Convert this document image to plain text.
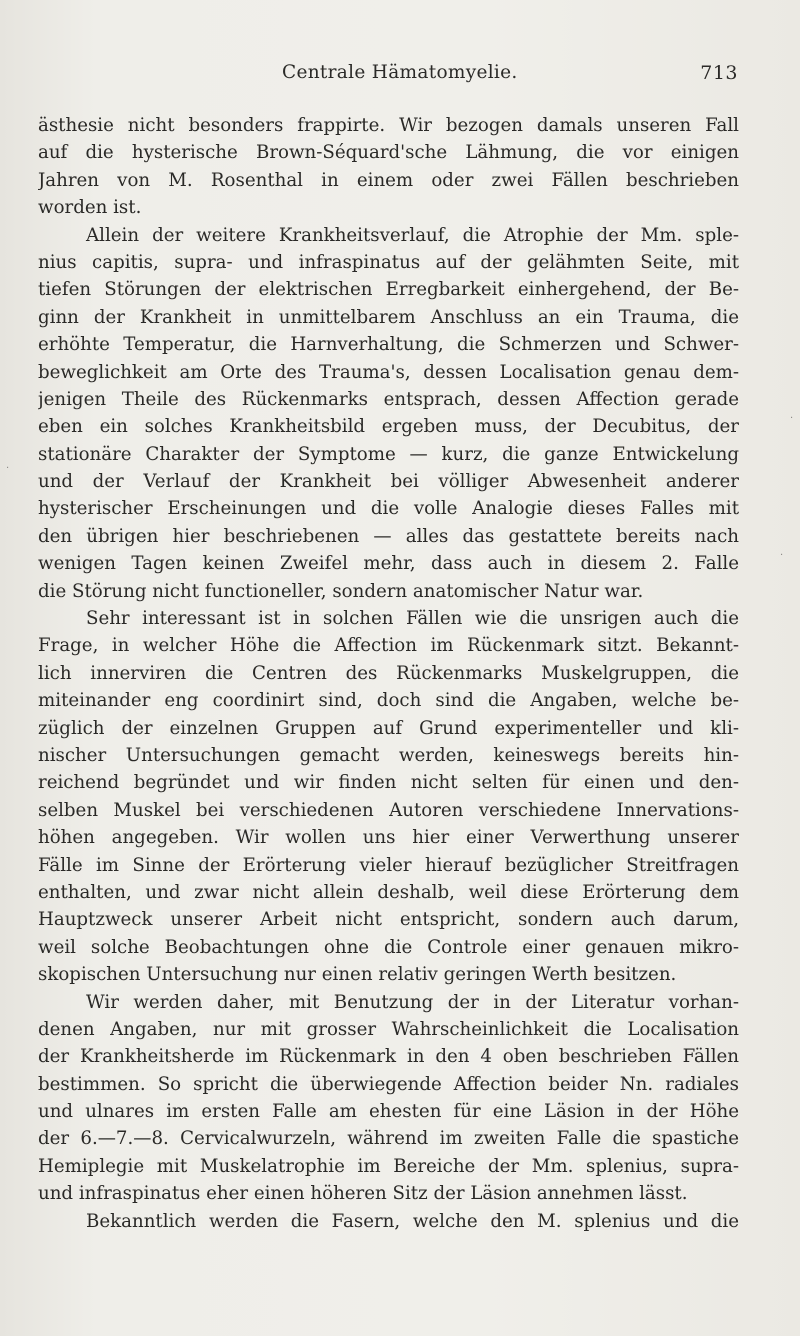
Centrale Hämatomyelie.	713
ästhesie nicht besonders frappirte. Wir bezogen damals unseren Fall
auf die hysterische Brown-Séquard'sche Lähmung, die vor einigen
Jahren von M. Rosenthal in einem oder zwei Fällen beschrieben
worden ist.
Allein der weitere Krankheitsverlauf, die Atrophie der Mm. sple-
nius capitis, supra- und infraspinatus auf der gelähmten Seite, mit
tiefen Störungen der elektrischen Erregbarkeit einhergehend, der Be-
ginn der Krankheit in unmittelbarem Anschluss an ein Trauma, die
erhöhte Temperatur, die Harnverhaltung, die Schmerzen und Schwer-
beweglichkeit am Orte des Trauma's, dessen Localisation genau dem-
jenigen Theile des Rückenmarks entsprach, dessen Affection gerade
eben ein solches Krankheitsbild ergeben muss, der Decubitus, der
stationäre Charakter der Symptome — kurz, die ganze Entwickelung
und der Verlauf der Krankheit bei völliger Abwesenheit anderer
hysterischer Erscheinungen und die volle Analogie dieses Falles mit
den übrigen hier beschriebenen — alles das gestattete bereits nach
wenigen Tagen keinen Zweifel mehr, dass auch in diesem 2. Falle
die Störung nicht functioneller, sondern anatomischer Natur war.
Sehr interessant ist in solchen Fällen wie die unsrigen auch die
Frage, in welcher Höhe die Affection im Rückenmark sitzt. Bekannt-
lich innerviren die Centren des Rückenmarks Muskelgruppen, die
miteinander eng coordinirt sind, doch sind die Angaben, welche be-
züglich der einzelnen Gruppen auf Grund experimenteller und kli-
nischer Untersuchungen gemacht werden, keineswegs bereits hin-
reichend begründet und wir finden nicht selten für einen und den-
selben Muskel bei verschiedenen Autoren verschiedene Innervations-
höhen angegeben. Wir wollen uns hier einer Verwerthung unserer
Fälle im Sinne der Erörterung vieler hierauf bezüglicher Streitfragen
enthalten, und zwar nicht allein deshalb, weil diese Erörterung dem
Hauptzweck unserer Arbeit nicht entspricht, sondern auch darum,
weil solche Beobachtungen ohne die Controle einer genauen mikro-
skopischen Untersuchung nur einen relativ geringen Werth besitzen.
Wir werden daher, mit Benutzung der in der Literatur vorhan-
denen Angaben, nur mit grosser Wahrscheinlichkeit die Localisation
der Krankheitsherde im Rückenmark in den 4 oben beschrieben Fällen
bestimmen. So spricht die überwiegende Affection beider Nn. radiales
und ulnares im ersten Falle am ehesten für eine Läsion in der Höhe
der 6.—7.—8. Cervicalwurzeln, während im zweiten Falle die spastiche
Hemiplegie mit Muskelatrophie im Bereiche der Mm. splenius, supra-
und infraspinatus eher einen höheren Sitz der Läsion annehmen lässt.
Bekanntlich werden die Fasern, welche den M. splenius und die
·
·
·
